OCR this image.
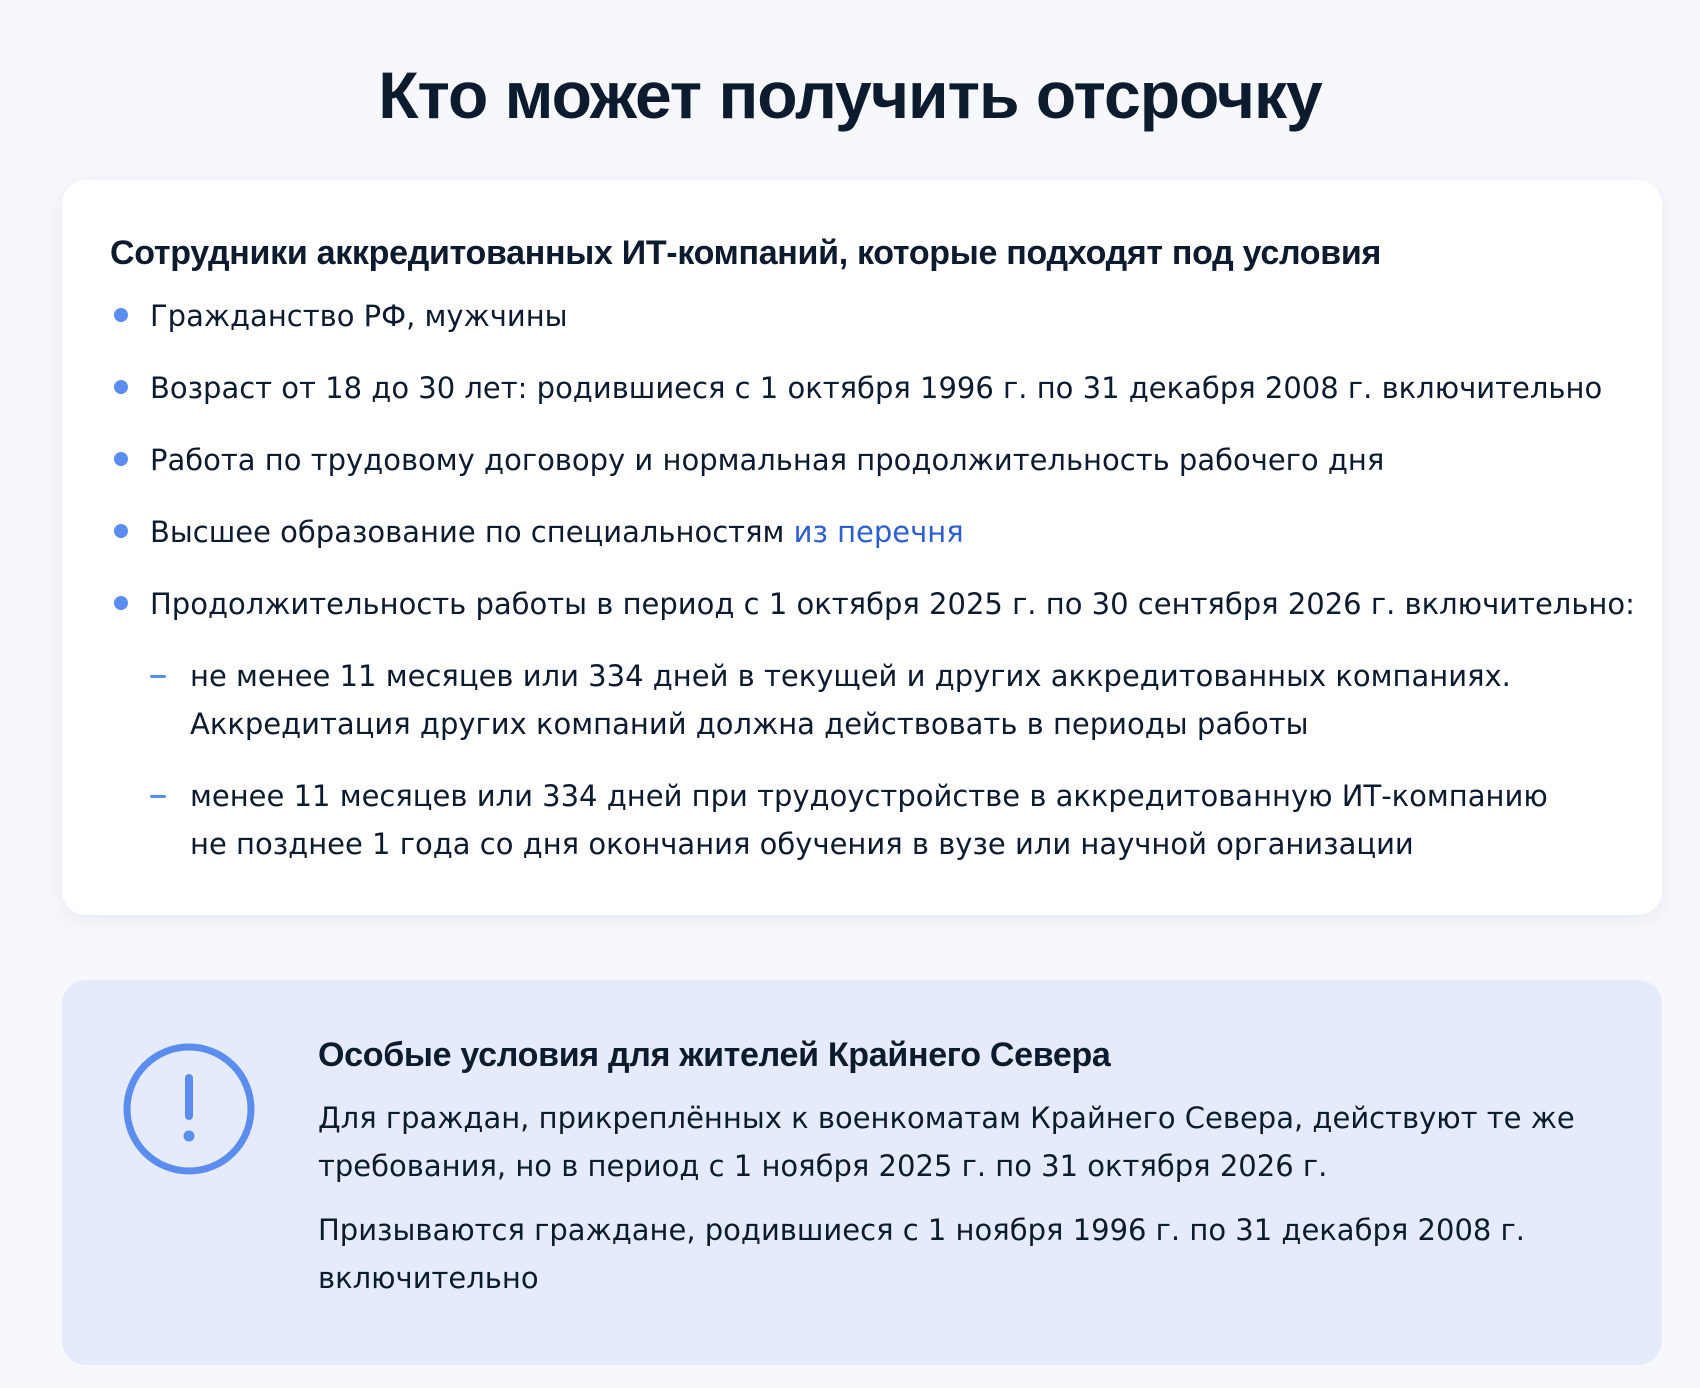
Кто может получить отсрочку
Сотрудники аккредитованных ИТ-компаний, которые подходят под условия
Гражданство РФ, мужчины
Возраст от 18 до 30 лет: родившиеся с 1 октября 1996 г. по 31 декабря 2008 г. включительно
Работа по трудовому договору и нормальная продолжительность рабочего дня
Высшее образование по специальностям из перечня
Продолжительность работы в период с 1 октября 2025 г. по 30 сентября 2026 г. включительно:
не менее 11 месяцев или 334 дней в текущей и других аккредитованных компаниях.
Аккредитация других компаний должна действовать в периоды работы
менее 11 месяцев или 334 дней при трудоустройстве в аккредитованную ИТ-компанию
не позднее 1 года со дня окончания обучения в вузе или научной организации
Особые условия для жителей Крайнего Севера

Для граждан, прикреплённых к военкоматам Крайнего Севера, действуют те же
требования, но в период с 1 ноября 2025 г. по 31 октября 2026 г.

Призываются граждане, родившиеся с 1 ноября 1996 г. по 31 декабря 2008 г.
включительно
